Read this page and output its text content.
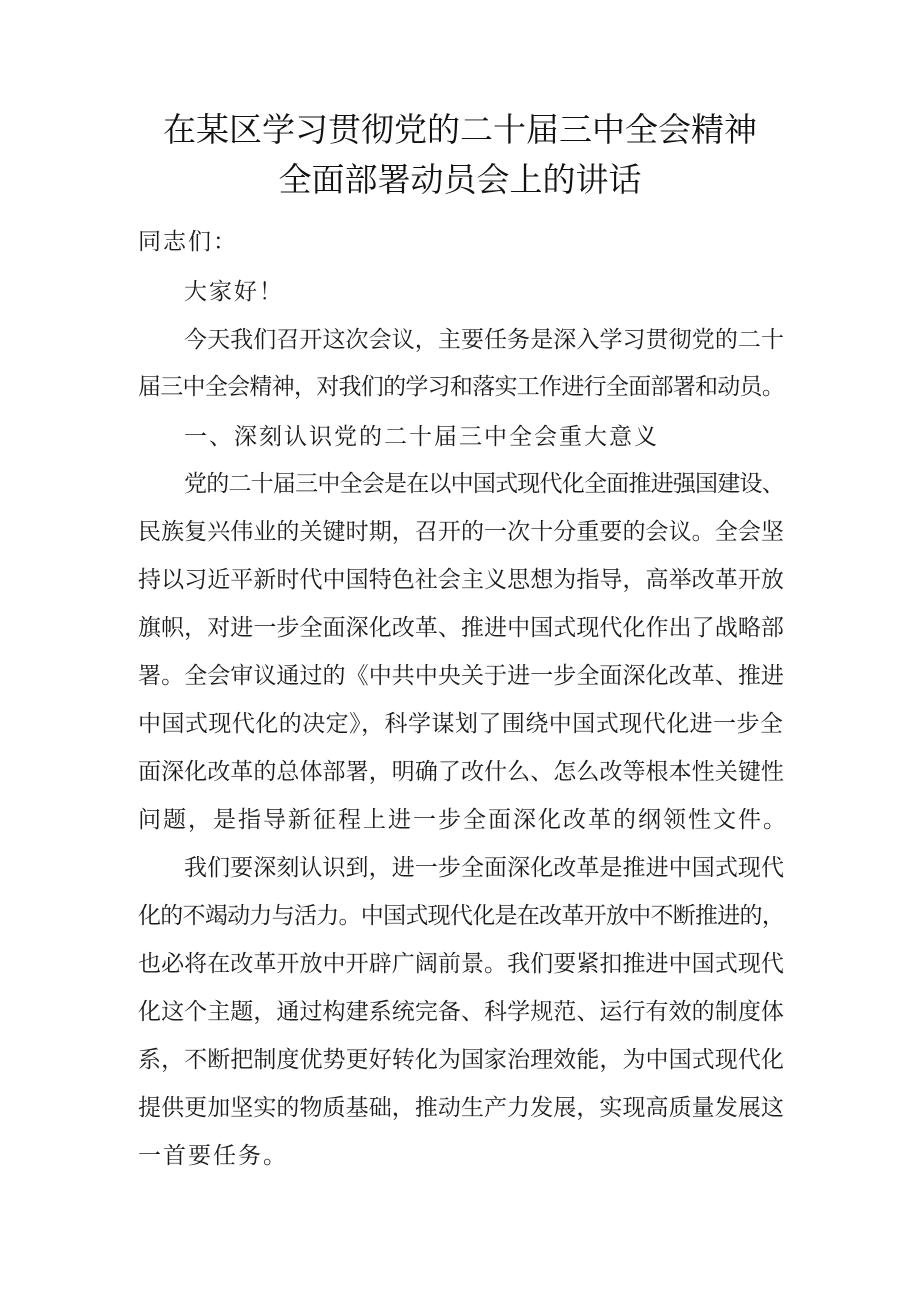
在某区学习贯彻党的二十届三中全会精神
全面部署动员会上的讲话
同志们：
大家好！
今天我们召开这次会议，主要任务是深入学习贯彻党的二十
届三中全会精神，对我们的学习和落实工作进行全面部署和动员。
一、深刻认识党的二十届三中全会重大意义
党的二十届三中全会是在以中国式现代化全面推进强国建设、
民族复兴伟业的关键时期，召开的一次十分重要的会议。全会坚
持以习近平新时代中国特色社会主义思想为指导，高举改革开放
旗帜，对进一步全面深化改革、推进中国式现代化作出了战略部
署。全会审议通过的《中共中央关于进一步全面深化改革、推进
中国式现代化的决定》，科学谋划了围绕中国式现代化进一步全
面深化改革的总体部署，明确了改什么、怎么改等根本性关键性
问题，是指导新征程上进一步全面深化改革的纲领性文件。
我们要深刻认识到，进一步全面深化改革是推进中国式现代
化的不竭动力与活力。中国式现代化是在改革开放中不断推进的，
也必将在改革开放中开辟广阔前景。我们要紧扣推进中国式现代
化这个主题，通过构建系统完备、科学规范、运行有效的制度体
系，不断把制度优势更好转化为国家治理效能，为中国式现代化
提供更加坚实的物质基础，推动生产力发展，实现高质量发展这
一首要任务。
